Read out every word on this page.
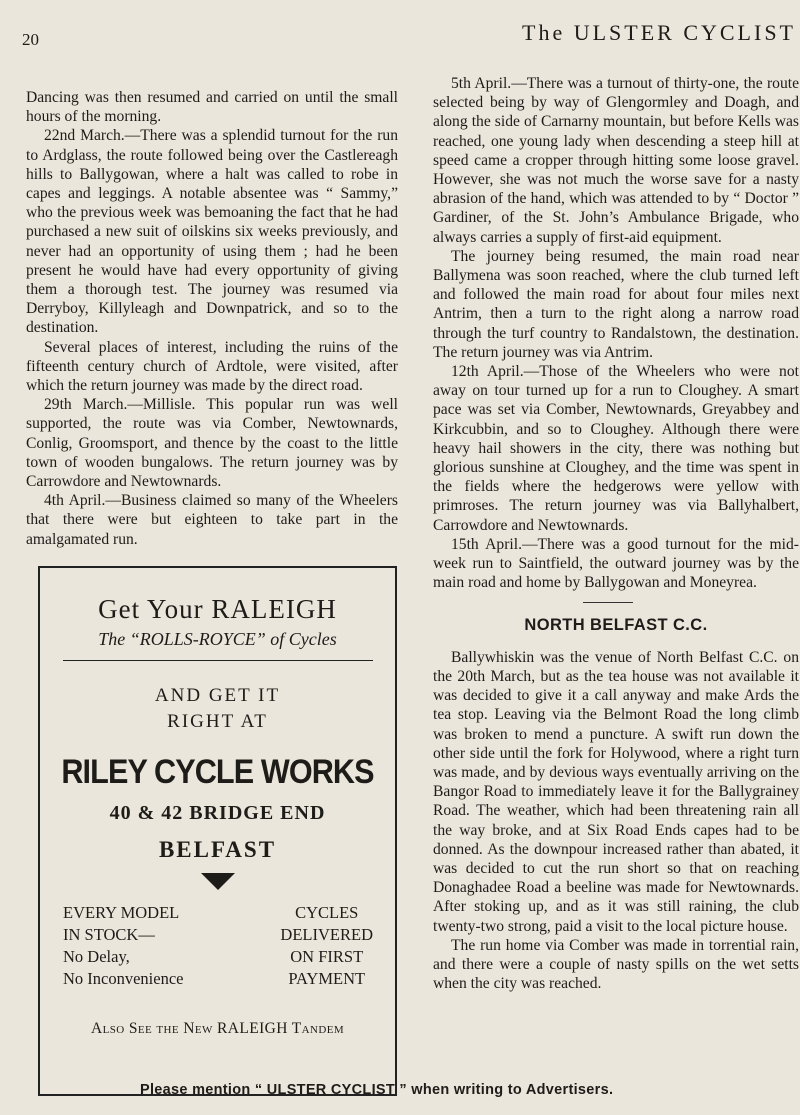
20	The ULSTER CYCLIST

Dancing was then resumed and carried on until the small hours of the morning.

22nd March.—There was a splendid turnout for the run to Ardglass, the route followed being over the Castlereagh hills to Ballygowan, where a halt was called to robe in capes and leggings. A notable absentee was “ Sammy,” who the previous week was bemoaning the fact that he had purchased a new suit of oilskins six weeks previously, and never had an opportunity of using them ; had he been present he would have had every opportunity of giving them a thorough test. The journey was resumed via Derryboy, Killyleagh and Downpatrick, and so to the destination.

Several places of interest, including the ruins of the fifteenth century church of Ardtole, were visited, after which the return journey was made by the direct road.

29th March.—Millisle. This popular run was well supported, the route was via Comber, Newtownards, Conlig, Groomsport, and thence by the coast to the little town of wooden bungalows. The return journey was by Carrowdore and Newtownards.

4th April.—Business claimed so many of the Wheelers that there were but eighteen to take part in the amalgamated run.

Get Your RALEIGH
The “ROLLS-ROYCE” of Cycles
AND GET IT
RIGHT AT
RILEY CYCLE WORKS
40 & 42 BRIDGE END
BELFAST
EVERY MODEL
IN STOCK—
No Delay,
No Inconvenience
CYCLES
DELIVERED
ON FIRST
PAYMENT
Also See the New RALEIGH Tandem

5th April.—There was a turnout of thirty-one, the route selected being by way of Glengormley and Doagh, and along the side of Carnarny mountain, but before Kells was reached, one young lady when descending a steep hill at speed came a cropper through hitting some loose gravel. However, she was not much the worse save for a nasty abrasion of the hand, which was attended to by “ Doctor ” Gardiner, of the St. John’s Ambulance Brigade, who always carries a supply of first-aid equipment.

The journey being resumed, the main road near Ballymena was soon reached, where the club turned left and followed the main road for about four miles next Antrim, then a turn to the right along a narrow road through the turf country to Randalstown, the destination. The return journey was via Antrim.

12th April.—Those of the Wheelers who were not away on tour turned up for a run to Cloughey. A smart pace was set via Comber, Newtownards, Greyabbey and Kirkcubbin, and so to Cloughey. Although there were heavy hail showers in the city, there was nothing but glorious sunshine at Cloughey, and the time was spent in the fields where the hedgerows were yellow with primroses. The return journey was via Ballyhalbert, Carrowdore and Newtownards.

15th April.—There was a good turnout for the mid-week run to Saintfield, the outward journey was by the main road and home by Ballygowan and Moneyrea.

NORTH BELFAST C.C.

Ballywhiskin was the venue of North Belfast C.C. on the 20th March, but as the tea house was not available it was decided to give it a call anyway and make Ards the tea stop. Leaving via the Belmont Road the long climb was broken to mend a puncture. A swift run down the other side until the fork for Holywood, where a right turn was made, and by devious ways eventually arriving on the Bangor Road to immediately leave it for the Ballygrainey Road. The weather, which had been threatening rain all the way broke, and at Six Road Ends capes had to be donned. As the downpour increased rather than abated, it was decided to cut the run short so that on reaching Donaghadee Road a beeline was made for Newtownards. After stoking up, and as it was still raining, the club twenty-two strong, paid a visit to the local picture house.

The run home via Comber was made in torrential rain, and there were a couple of nasty spills on the wet setts when the city was reached.

Please mention “ ULSTER CYCLIST ” when writing to Advertisers.
